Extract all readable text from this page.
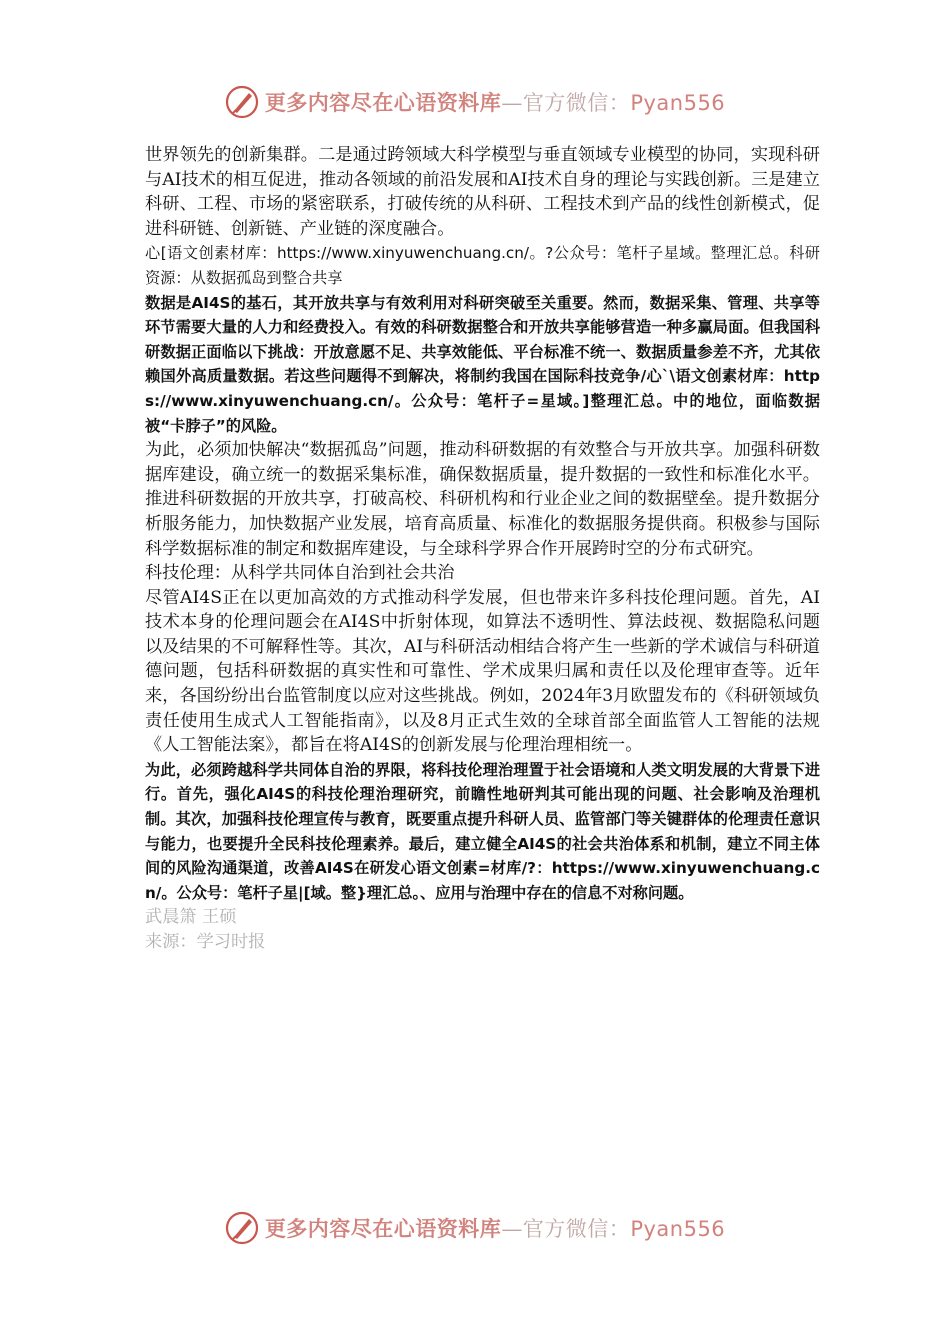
更多内容尽在心语资料库—官方微信：Pyan556

世界领先的创新集群。二是通过跨领域大科学模型与垂直领域专业模型的协同，实现科研与AI技术的相互促进，推动各领域的前沿发展和AI技术自身的理论与实践创新。三是建立科研、工程、市场的紧密联系，打破传统的从科研、工程技术到产品的线性创新模式，促进科研链、创新链、产业链的深度融合。

心[语文创素材库：https://www.xinyuwenchuang.cn/。?公众号：笔杆子星域。整理汇总。科研资源：从数据孤岛到整合共享

数据是AI4S的基石，其开放共享与有效利用对科研突破至关重要。然而，数据采集、管理、共享等环节需要大量的人力和经费投入。有效的科研数据整合和开放共享能够营造一种多赢局面。但我国科研数据正面临以下挑战：开放意愿不足、共享效能低、平台标准不统一、数据质量参差不齐，尤其依赖国外高质量数据。若这些问题得不到解决，将制约我国在国际科技竞争/心`\语文创素材库：https://www.xinyuwenchuang.cn/。公众号：笔杆子=星域。]整理汇总。中的地位，面临数据被“卡脖子”的风险。

为此，必须加快解决“数据孤岛”问题，推动科研数据的有效整合与开放共享。加强科研数据库建设，确立统一的数据采集标准，确保数据质量，提升数据的一致性和标准化水平。推进科研数据的开放共享，打破高校、科研机构和行业企业之间的数据壁垒。提升数据分析服务能力，加快数据产业发展，培育高质量、标准化的数据服务提供商。积极参与国际科学数据标准的制定和数据库建设，与全球科学界合作开展跨时空的分布式研究。

科技伦理：从科学共同体自治到社会共治

尽管AI4S正在以更加高效的方式推动科学发展，但也带来许多科技伦理问题。首先，AI技术本身的伦理问题会在AI4S中折射体现，如算法不透明性、算法歧视、数据隐私问题以及结果的不可解释性等。其次，AI与科研活动相结合将产生一些新的学术诚信与科研道德问题，包括科研数据的真实性和可靠性、学术成果归属和责任以及伦理审查等。近年来，各国纷纷出台监管制度以应对这些挑战。例如，2024年3月欧盟发布的《科研领域负责任使用生成式人工智能指南》，以及8月正式生效的全球首部全面监管人工智能的法规《人工智能法案》，都旨在将AI4S的创新发展与伦理治理相统一。

为此，必须跨越科学共同体自治的界限，将科技伦理治理置于社会语境和人类文明发展的大背景下进行。首先，强化AI4S的科技伦理治理研究，前瞻性地研判其可能出现的问题、社会影响及治理机制。其次，加强科技伦理宣传与教育，既要重点提升科研人员、监管部门等关键群体的伦理责任意识与能力，也要提升全民科技伦理素养。最后，建立健全AI4S的社会共治体系和机制，建立不同主体间的风险沟通渠道，改善AI4S在研发心语文创素=材库/?：https://www.xinyuwenchuang.cn/。公众号：笔杆子星|[域。整}理汇总。、应用与治理中存在的信息不对称问题。

武晨箫 王硕

来源：学习时报

更多内容尽在心语资料库—官方微信：Pyan556
